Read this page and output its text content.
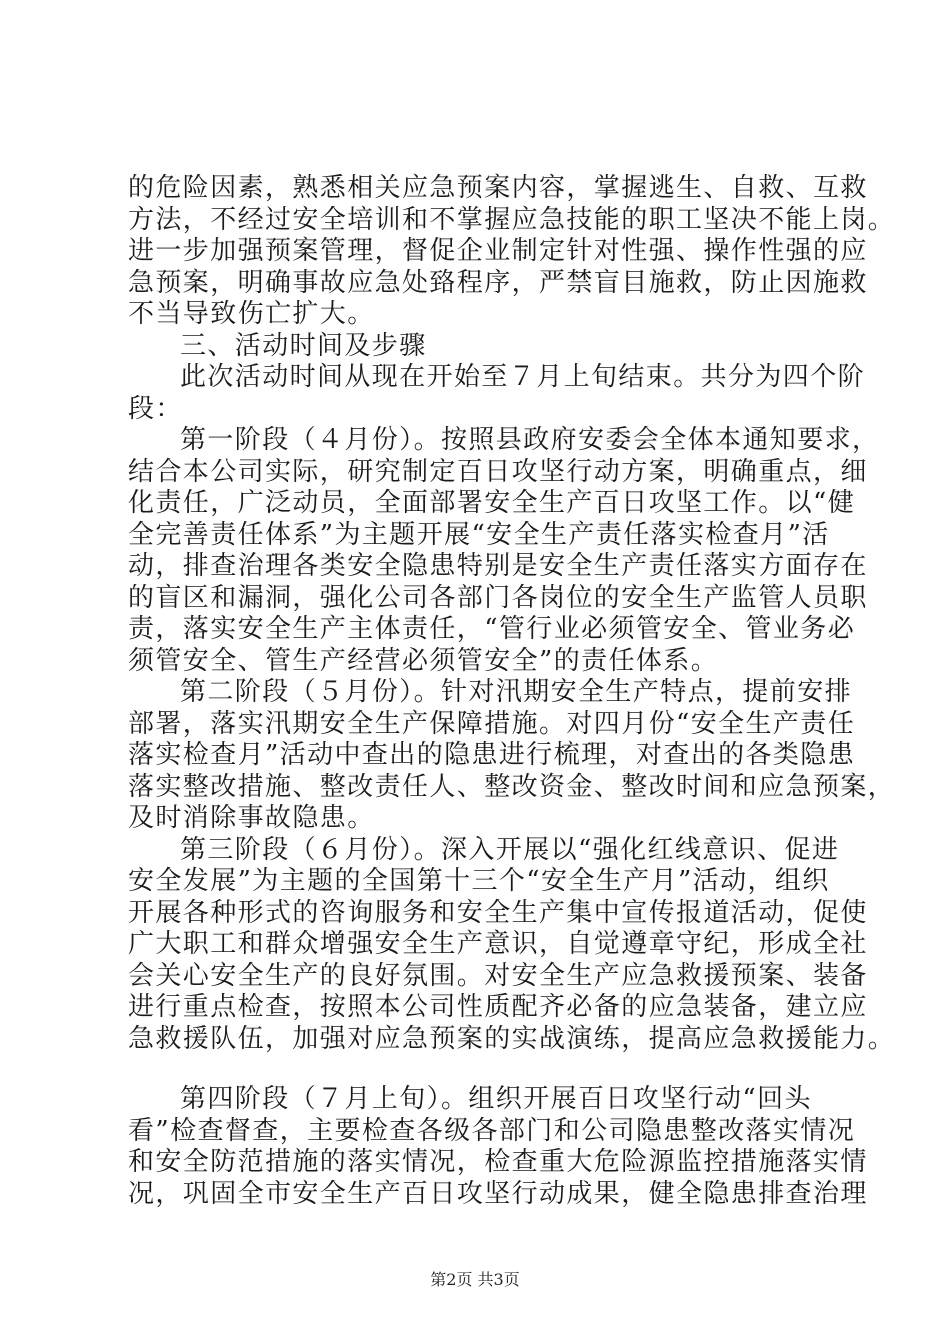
的危险因素，熟悉相关应急预案内容，掌握逃生、自救、互救
方法，不经过安全培训和不掌握应急技能的职工坚决不能上岗。
进一步加强预案管理，督促企业制定针对性强、操作性强的应
急预案，明确事故应急处臵程序，严禁盲目施救，防止因施救
不当导致伤亡扩大。
三、活动时间及步骤
此次活动时间从现在开始至７月上旬结束。共分为四个阶
段：
第一阶段（４月份）。按照县政府安委会全体本通知要求，
结合本公司实际，研究制定百日攻坚行动方案，明确重点，细
化责任，广泛动员，全面部署安全生产百日攻坚工作。以“健
全完善责任体系”为主题开展“安全生产责任落实检查月”活
动，排查治理各类安全隐患特别是安全生产责任落实方面存在
的盲区和漏洞，强化公司各部门各岗位的安全生产监管人员职
责，落实安全生产主体责任，“管行业必须管安全、管业务必
须管安全、管生产经营必须管安全”的责任体系。
第二阶段（５月份）。针对汛期安全生产特点，提前安排
部署，落实汛期安全生产保障措施。对四月份“安全生产责任
落实检查月”活动中查出的隐患进行梳理，对查出的各类隐患
落实整改措施、整改责任人、整改资金、整改时间和应急预案，
及时消除事故隐患。
第三阶段（６月份）。深入开展以“强化红线意识、促进
安全发展”为主题的全国第十三个“安全生产月”活动，组织
开展各种形式的咨询服务和安全生产集中宣传报道活动，促使
广大职工和群众增强安全生产意识，自觉遵章守纪，形成全社
会关心安全生产的良好氛围。对安全生产应急救援预案、装备
进行重点检查，按照本公司性质配齐必备的应急装备，建立应
急救援队伍，加强对应急预案的实战演练，提高应急救援能力。
第四阶段（７月上旬）。组织开展百日攻坚行动“回头
看”检查督查，主要检查各级各部门和公司隐患整改落实情况
和安全防范措施的落实情况，检查重大危险源监控措施落实情
况，巩固全市安全生产百日攻坚行动成果，健全隐患排查治理
第2页 共3页
